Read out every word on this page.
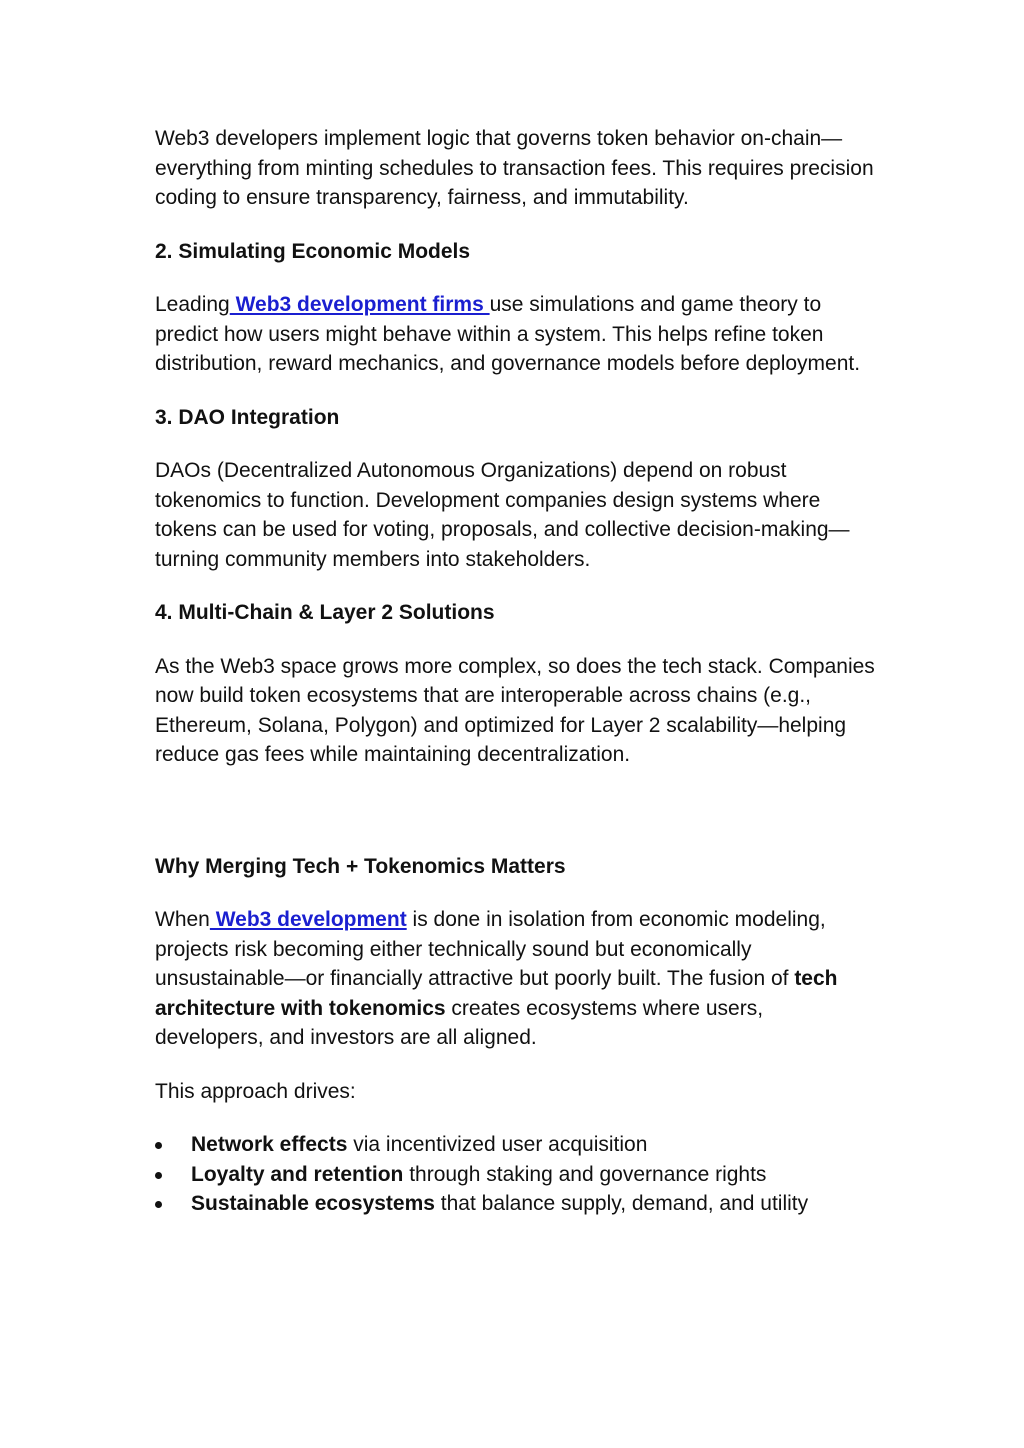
Web3 developers implement logic that governs token behavior on-chain—everything from minting schedules to transaction fees. This requires precision coding to ensure transparency, fairness, and immutability.

2. Simulating Economic Models

Leading Web3 development firms use simulations and game theory to predict how users might behave within a system. This helps refine token distribution, reward mechanics, and governance models before deployment.

3. DAO Integration

DAOs (Decentralized Autonomous Organizations) depend on robust tokenomics to function. Development companies design systems where tokens can be used for voting, proposals, and collective decision-making—turning community members into stakeholders.

4. Multi-Chain & Layer 2 Solutions

As the Web3 space grows more complex, so does the tech stack. Companies now build token ecosystems that are interoperable across chains (e.g., Ethereum, Solana, Polygon) and optimized for Layer 2 scalability—helping reduce gas fees while maintaining decentralization.

Why Merging Tech + Tokenomics Matters

When Web3 development is done in isolation from economic modeling, projects risk becoming either technically sound but economically unsustainable—or financially attractive but poorly built. The fusion of tech architecture with tokenomics creates ecosystems where users, developers, and investors are all aligned.

This approach drives:

Network effects via incentivized user acquisition
Loyalty and retention through staking and governance rights
Sustainable ecosystems that balance supply, demand, and utility
